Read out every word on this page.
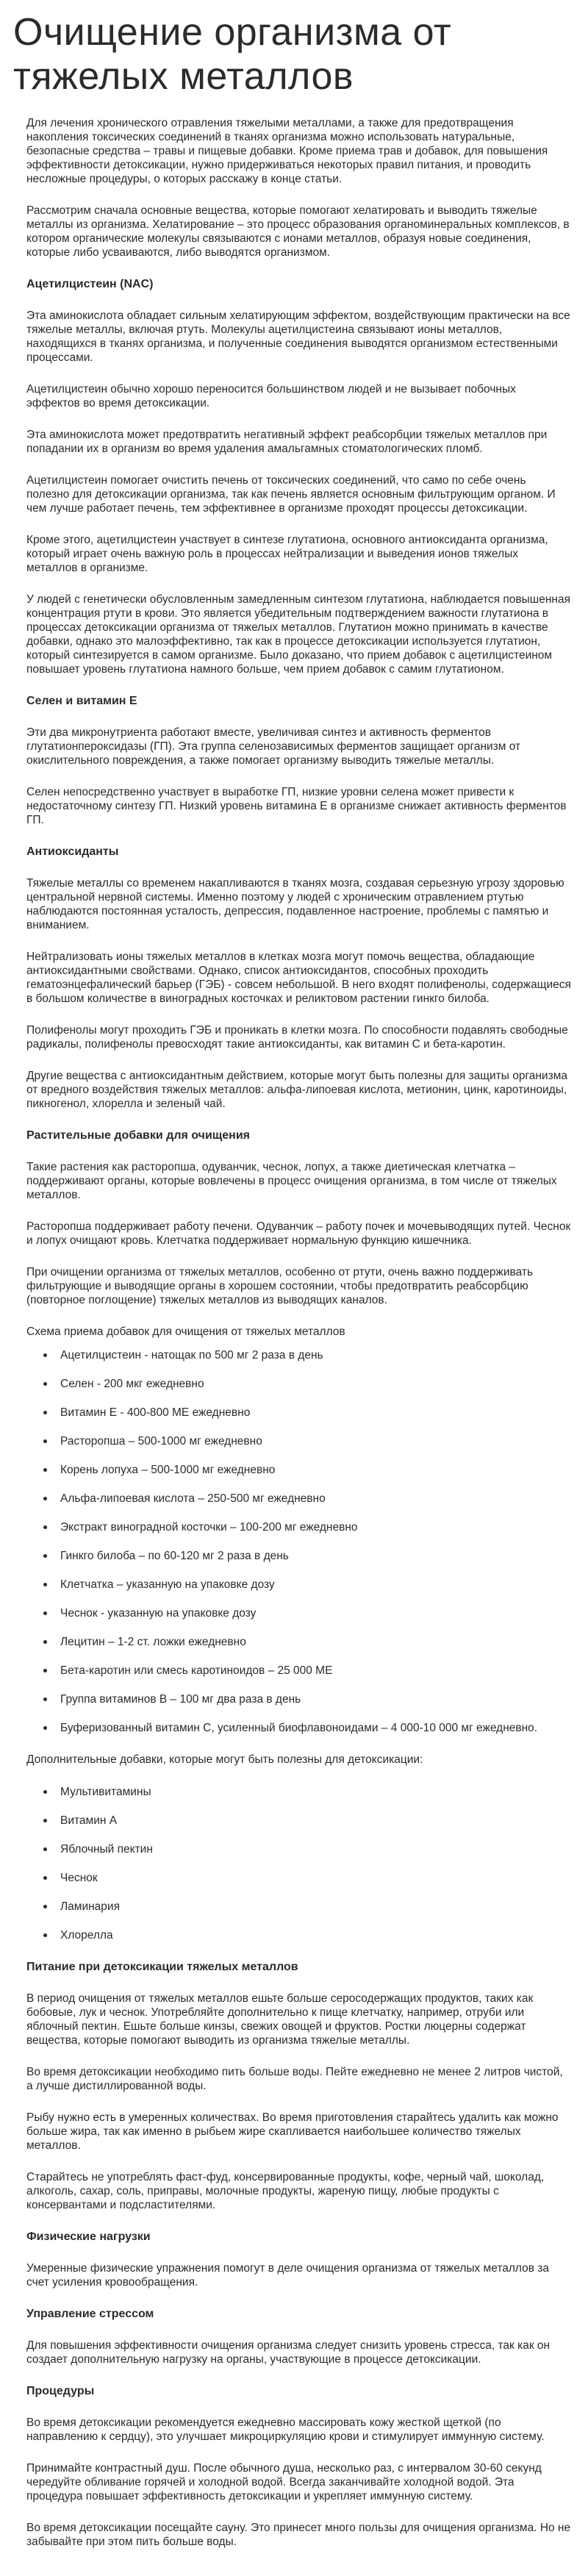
Очищение организма от тяжелых металлов

Для лечения хронического отравления тяжелыми металлами, а также для предотвращения накопления токсических соединений в тканях организма можно использовать натуральные, безопасные средства – травы и пищевые добавки. Кроме приема трав и добавок, для повышения эффективности детоксикации, нужно придерживаться некоторых правил питания, и проводить несложные процедуры, о которых расскажу в конце статьи.

Рассмотрим сначала основные вещества, которые помогают хелатировать и выводить тяжелые металлы из организма. Хелатирование – это процесс образования органоминеральных комплексов, в котором органические молекулы связываются с ионами металлов, образуя новые соединения, которые либо усваиваются, либо выводятся организмом.

Ацетилцистеин (NAC)

Эта аминокислота обладает сильным хелатирующим эффектом, воздействующим практически на все тяжелые металлы, включая ртуть. Молекулы ацетилцистеина связывают ионы металлов, находящихся в тканях организма, и полученные соединения выводятся организмом естественными процессами.

Ацетилцистеин обычно хорошо переносится большинством людей и не вызывает побочных эффектов во время детоксикации.

Эта аминокислота может предотвратить негативный эффект реабсорбции тяжелых металлов при попадании их в организм во время удаления амальгамных стоматологических пломб.

Ацетилцистеин помогает очистить печень от токсических соединений, что само по себе очень полезно для детоксикации организма, так как печень является основным фильтрующим органом. И чем лучше работает печень, тем эффективнее в организме проходят процессы детоксикации.

Кроме этого, ацетилцистеин участвует в синтезе глутатиона, основного антиоксиданта организма, который играет очень важную роль в процессах нейтрализации и выведения ионов тяжелых металлов в организме.

У людей с генетически обусловленным замедленным синтезом глутатиона, наблюдается повышенная концентрация ртути в крови. Это является убедительным подтверждением важности глутатиона в процессах детоксикации организма от тяжелых металлов. Глутатион можно принимать в качестве добавки, однако это малоэффективно, так как в процессе детоксикации используется глутатион, который синтезируется в самом организме. Было доказано, что прием добавок с ацетилцистеином повышает уровень глутатиона намного больше, чем прием добавок с самим глутатионом.

Селен и витамин Е

Эти два микронутриента работают вместе, увеличивая синтез и активность ферментов глутатионпероксидазы (ГП). Эта группа селенозависимых ферментов защищает организм от окислительного повреждения, а также помогает организму выводить тяжелые металлы.

Селен непосредственно участвует в выработке ГП, низкие уровни селена может привести к недостаточному синтезу ГП. Низкий уровень витамина Е в организме снижает активность ферментов ГП.

Антиоксиданты

Тяжелые металлы со временем накапливаются в тканях мозга, создавая серьезную угрозу здоровью центральной нервной системы. Именно поэтому у людей с хроническим отравлением ртутью наблюдаются постоянная усталость, депрессия, подавленное настроение, проблемы с памятью и вниманием.

Нейтрализовать ионы тяжелых металлов в клетках мозга могут помочь вещества, обладающие антиоксидантными свойствами. Однако, список антиоксидантов, способных проходить гематоэнцефалический барьер (ГЭБ) - совсем небольшой. В него входят полифенолы, содержащиеся в большом количестве в виноградных косточках и реликтовом растении гинкго билоба.

Полифенолы могут проходить ГЭБ и проникать в клетки мозга. По способности подавлять свободные радикалы, полифенолы превосходят такие антиоксиданты, как витамин С и бета-каротин.

Другие вещества с антиоксидантным действием, которые могут быть полезны для защиты организма от вредного воздействия тяжелых металлов: альфа-липоевая кислота, метионин, цинк, каротиноиды, пикногенол, хлорелла и зеленый чай.

Растительные добавки для очищения

Такие растения как расторопша, одуванчик, чеснок, лопух, а также диетическая клетчатка – поддерживают органы, которые вовлечены в процесс очищения организма, в том числе от тяжелых металлов.

Расторопша поддерживает работу печени. Одуванчик – работу почек и мочевыводящих путей. Чеснок и лопух очищают кровь. Клетчатка поддерживает нормальную функцию кишечника.

При очищении организма от тяжелых металлов, особенно от ртути, очень важно поддерживать фильтрующие и выводящие органы в хорошем состоянии, чтобы предотвратить реабсорбцию (повторное поглощение) тяжелых металлов из выводящих каналов.

Схема приема добавок для очищения от тяжелых металлов

• Ацетилцистеин - натощак по 500 мг 2 раза в день
• Селен - 200 мкг ежедневно
• Витамин Е - 400-800 МЕ ежедневно
• Расторопша – 500-1000 мг ежедневно
• Корень лопуха – 500-1000 мг ежедневно
• Альфа-липоевая кислота – 250-500 мг ежедневно
• Экстракт виноградной косточки – 100-200 мг ежедневно
• Гинкго билоба – по 60-120 мг 2 раза в день
• Клетчатка – указанную на упаковке дозу
• Чеснок - указанную на упаковке дозу
• Лецитин – 1-2 ст. ложки ежедневно
• Бета-каротин или смесь каротиноидов – 25 000 МЕ
• Группа витаминов В – 100 мг два раза в день
• Буферизованный витамин С, усиленный биофлавоноидами – 4 000-10 000 мг ежедневно.

Дополнительные добавки, которые могут быть полезны для детоксикации:

• Мультивитамины
• Витамин А
• Яблочный пектин
• Чеснок
• Ламинария
• Хлорелла
Питание при детоксикации тяжелых металлов

В период очищения от тяжелых металлов ешьте больше серосодержащих продуктов, таких как бобовые, лук и чеснок. Употребляйте дополнительно к пище клетчатку, например, отруби или яблочный пектин. Ешьте больше кинзы, свежих овощей и фруктов. Ростки люцерны содержат вещества, которые помогают выводить из организма тяжелые металлы.

Во время детоксикации необходимо пить больше воды. Пейте ежедневно не менее 2 литров чистой, а лучше дистиллированной воды.

Рыбу нужно есть в умеренных количествах. Во время приготовления старайтесь удалить как можно больше жира, так как именно в рыбьем жире скапливается наибольшее количество тяжелых металлов.

Старайтесь не употреблять фаст-фуд, консервированные продукты, кофе, черный чай, шоколад, алкоголь, сахар, соль, приправы, молочные продукты, жареную пищу, любые продукты с консервантами и подсластителями.

Физические нагрузки

Умеренные физические упражнения помогут в деле очищения организма от тяжелых металлов за счет усиления кровообращения.

Управление стрессом

Для повышения эффективности очищения организма следует снизить уровень стресса, так как он создает дополнительную нагрузку на органы, участвующие в процессе детоксикации.

Процедуры

Во время детоксикации рекомендуется ежедневно массировать кожу жесткой щеткой (по направлению к сердцу), это улучшает микроциркуляцию крови и стимулирует иммунную систему.

Принимайте контрастный душ. После обычного душа, несколько раз, с интервалом 30-60 секунд чередуйте обливание горячей и холодной водой. Всегда заканчивайте холодной водой. Эта процедура повышает эффективность детоксикации и укрепляет иммунную систему.

Во время детоксикации посещайте сауну. Это принесет много пользы для очищения организма. Но не забывайте при этом пить больше воды.
